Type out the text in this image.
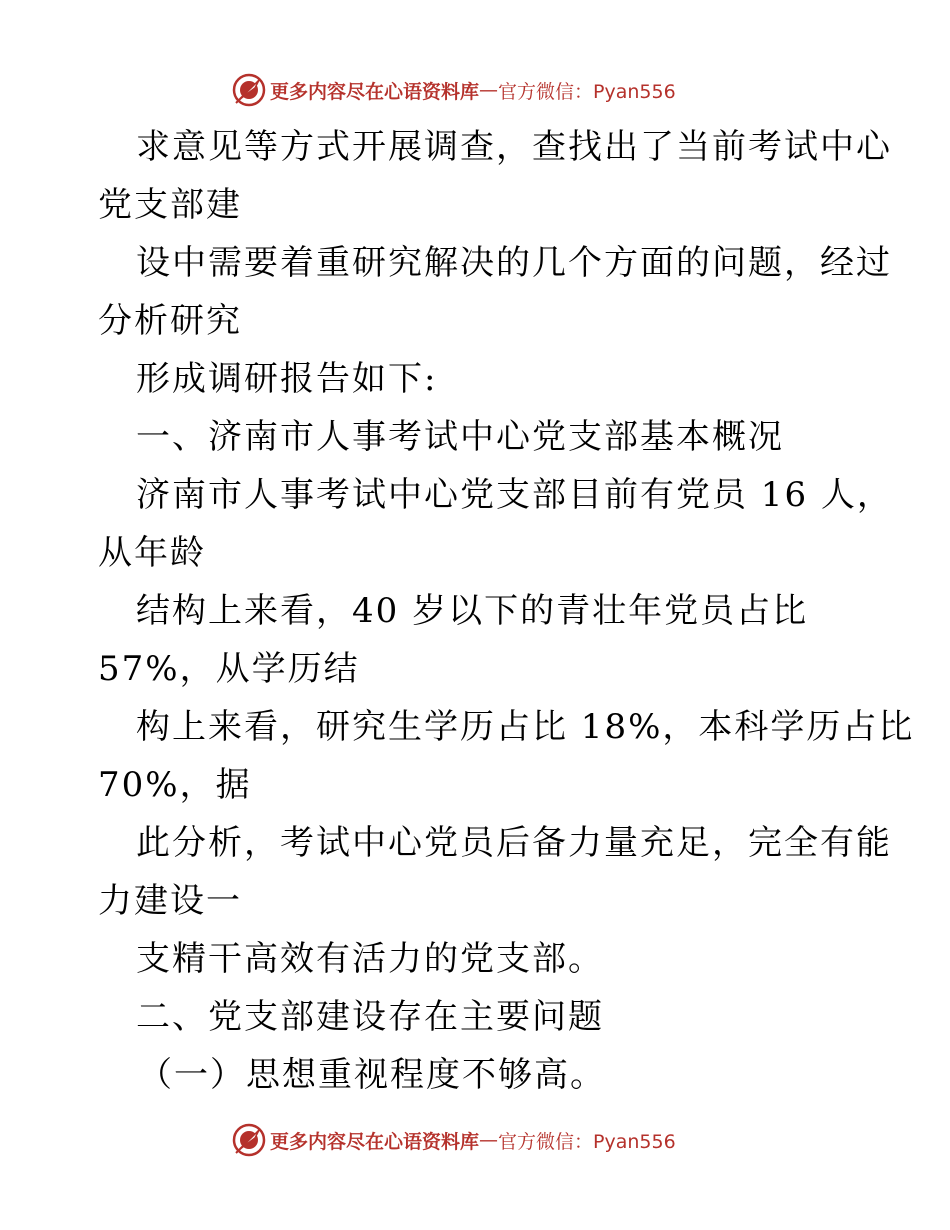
更多内容尽在心语资料库 — 官方微信：Pyan556
求意见等方式开展调查，查找出了当前考试中心
党支部建
设中需要着重研究解决的几个方面的问题，经过
分析研究
形成调研报告如下:
一、济南市人事考试中心党支部基本概况
济南市人事考试中心党支部目前有党员 16 人，
从年龄
结构上来看，40 岁以下的青壮年党员占比
57%，从学历结
构上来看，研究生学历占比 18%，本科学历占比
70%，据
此分析，考试中心党员后备力量充足，完全有能
力建设一
支精干高效有活力的党支部。
二、党支部建设存在主要问题
（一）思想重视程度不够高。
更多内容尽在心语资料库 — 官方微信：Pyan556
